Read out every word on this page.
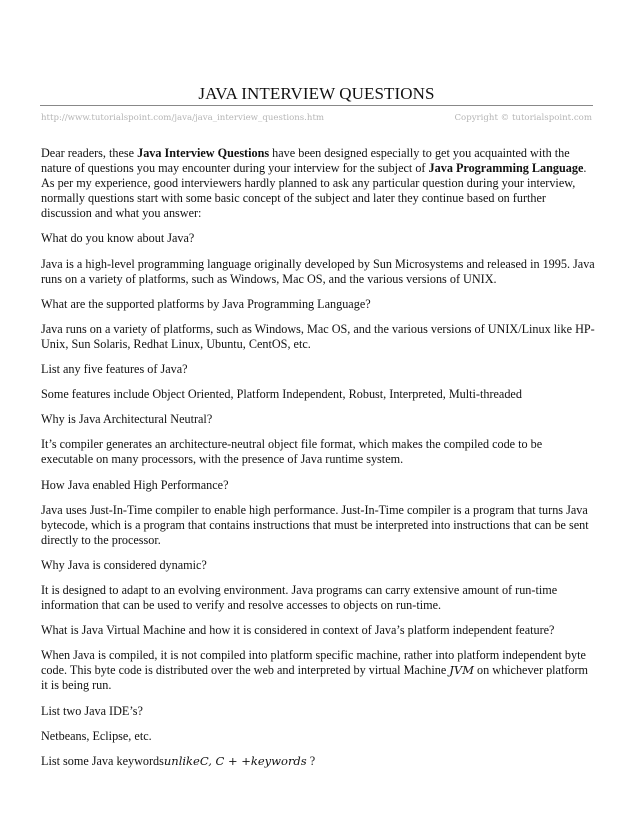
JAVA INTERVIEW QUESTIONS
http://www.tutorialspoint.com/java/java_interview_questions.htm	Copyright © tutorialspoint.com

Dear readers, these Java Interview Questions have been designed especially to get you acquainted with the nature of questions you may encounter during your interview for the subject of Java Programming Language. As per my experience, good interviewers hardly planned to ask any particular question during your interview, normally questions start with some basic concept of the subject and later they continue based on further discussion and what you answer:

What do you know about Java?

Java is a high-level programming language originally developed by Sun Microsystems and released in 1995. Java runs on a variety of platforms, such as Windows, Mac OS, and the various versions of UNIX.

What are the supported platforms by Java Programming Language?

Java runs on a variety of platforms, such as Windows, Mac OS, and the various versions of UNIX/Linux like HP-Unix, Sun Solaris, Redhat Linux, Ubuntu, CentOS, etc.

List any five features of Java?

Some features include Object Oriented, Platform Independent, Robust, Interpreted, Multi-threaded

Why is Java Architectural Neutral?

It’s compiler generates an architecture-neutral object file format, which makes the compiled code to be executable on many processors, with the presence of Java runtime system.

How Java enabled High Performance?

Java uses Just-In-Time compiler to enable high performance. Just-In-Time compiler is a program that turns Java bytecode, which is a program that contains instructions that must be interpreted into instructions that can be sent directly to the processor.

Why Java is considered dynamic?

It is designed to adapt to an evolving environment. Java programs can carry extensive amount of run-time information that can be used to verify and resolve accesses to objects on run-time.

What is Java Virtual Machine and how it is considered in context of Java’s platform independent feature?

When Java is compiled, it is not compiled into platform specific machine, rather into platform independent byte code. This byte code is distributed over the web and interpreted by virtual Machine JVM on whichever platform it is being run.

List two Java IDE’s?

Netbeans, Eclipse, etc.

List some Java keywordsunlikeC, C + +keywords ?
